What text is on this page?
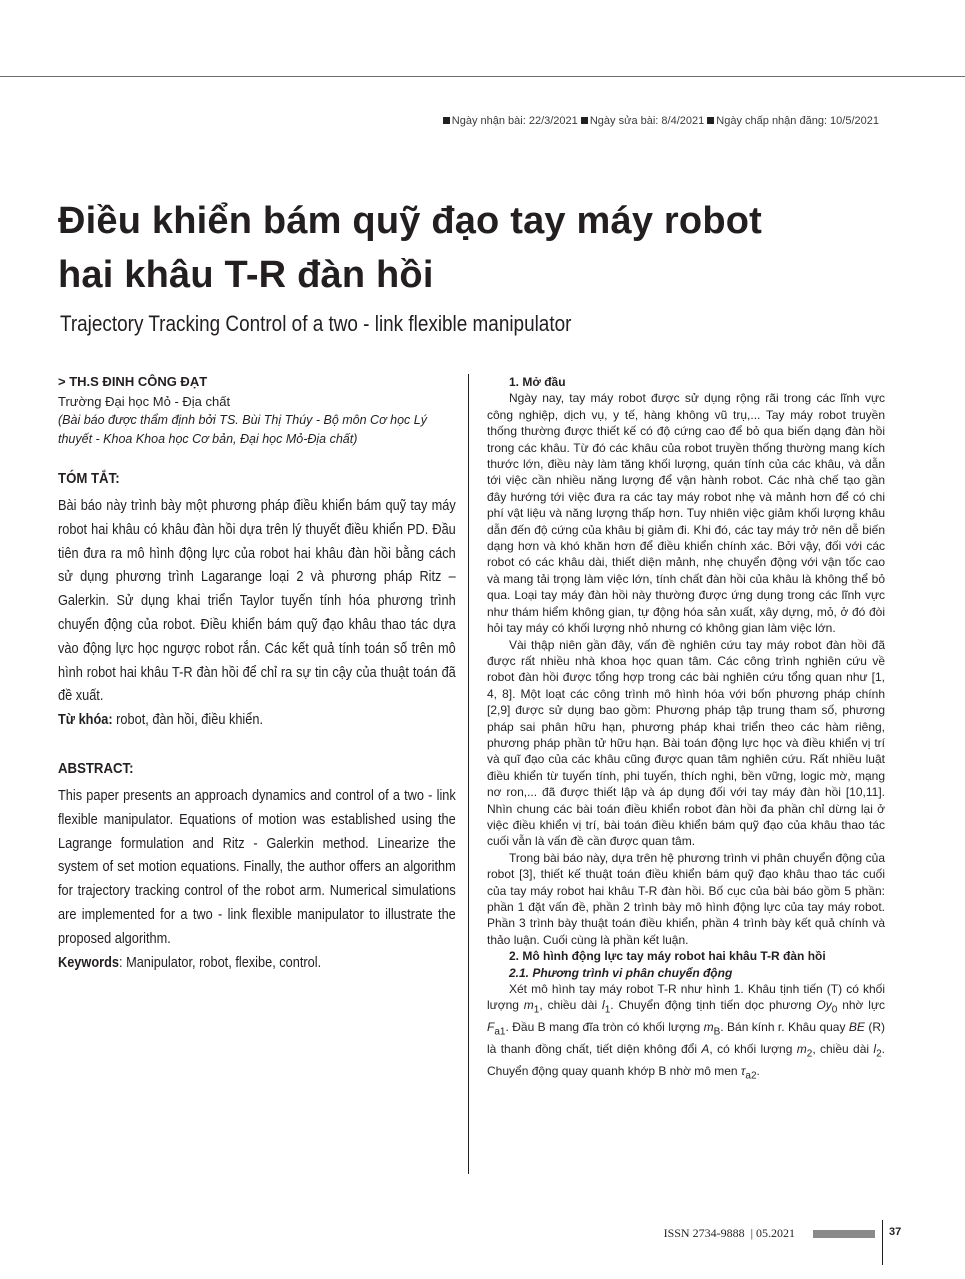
Ngày nhận bài: 22/3/2021 Ngày sửa bài: 8/4/2021 Ngày chấp nhận đăng: 10/5/2021
Điều khiển bám quỹ đạo tay máy robot
hai khâu T-R đàn hồi

Trajectory Tracking Control of a two - link flexible manipulator

> TH.S ĐINH CÔNG ĐẠT

Trường Đại học Mỏ - Địa chất

(Bài báo được thẩm định bởi TS. Bùi Thị Thúy - Bộ môn Cơ học Lý thuyết - Khoa Khoa học Cơ bản, Đại học Mỏ-Địa chất)

TÓM TẮT:

Bài báo này trình bày một phương pháp điều khiển bám quỹ tay máy robot hai khâu có khâu đàn hồi dựa trên lý thuyết điều khiển PD. Đầu tiên đưa ra mô hình động lực của robot hai khâu đàn hồi bằng cách sử dụng phương trình Lagarange loại 2 và phương pháp Ritz – Galerkin. Sử dụng khai triển Taylor tuyến tính hóa phương trình chuyển động của robot. Điều khiển bám quỹ đạo khâu thao tác dựa vào động lực học ngược robot rắn. Các kết quả tính toán số trên mô hình robot hai khâu T-R đàn hồi để chỉ ra sự tin cậy của thuật toán đã đề xuất.

Từ khóa: robot, đàn hồi, điều khiển.

ABSTRACT:

This paper presents an approach dynamics and control of a two - link flexible manipulator. Equations of motion was established using the Lagrange formulation and Ritz - Galerkin method. Linearize the system of set motion equations. Finally, the author offers an algorithm for trajectory tracking control of the robot arm. Numerical simulations are implemented for a two - link flexible manipulator to illustrate the proposed algorithm.

Keywords: Manipulator, robot, flexibe, control.

1. Mở đầu

Ngày nay, tay máy robot được sử dụng rộng rãi trong các lĩnh vực công nghiệp, dịch vụ, y tế, hàng không vũ trụ,... Tay máy robot truyền thống thường được thiết kế có độ cứng cao để bỏ qua biến dạng đàn hồi trong các khâu. Từ đó các khâu của robot truyền thống thường mang kích thước lớn, điều này làm tăng khối lượng, quán tính của các khâu, và dẫn tới việc cần nhiều năng lượng để vận hành robot. Các nhà chế tạo gần đây hướng tới việc đưa ra các tay máy robot nhẹ và mảnh hơn để có chi phí vật liệu và năng lượng thấp hơn. Tuy nhiên việc giảm khối lượng khâu dẫn đến độ cứng của khâu bị giảm đi. Khi đó, các tay máy trở nên dễ biến dạng hơn và khó khăn hơn để điều khiển chính xác. Bởi vậy, đối với các robot có các khâu dài, thiết diện mảnh, nhẹ chuyển động với vận tốc cao và mang tải trọng làm việc lớn, tính chất đàn hồi của khâu là không thể bỏ qua. Loại tay máy đàn hồi này thường được ứng dụng trong các lĩnh vực như thám hiểm không gian, tự động hóa sản xuất, xây dựng, mỏ, ở đó đòi hỏi tay máy có khối lượng nhỏ nhưng có không gian làm việc lớn.

Vài thập niên gần đây, vấn đề nghiên cứu tay máy robot đàn hồi đã được rất nhiều nhà khoa học quan tâm. Các công trình nghiên cứu về robot đàn hồi được tổng hợp trong các bài nghiên cứu tổng quan như [1, 4, 8]. Một loạt các công trình mô hình hóa với bốn phương pháp chính [2,9] được sử dụng bao gồm: Phương pháp tập trung tham số, phương pháp sai phân hữu hạn, phương pháp khai triển theo các hàm riêng, phương pháp phần tử hữu hạn. Bài toán động lực học và điều khiển vị trí và quĩ đạo của các khâu cũng được quan tâm nghiên cứu. Rất nhiều luật điều khiển từ tuyến tính, phi tuyến, thích nghi, bền vững, logic mờ, mạng nơ ron,... đã được thiết lập và áp dụng đối với tay máy đàn hồi [10,11]. Nhìn chung các bài toán điều khiển robot đàn hồi đa phần chỉ dừng lại ở việc điều khiển vị trí, bài toán điều khiển bám quỹ đạo của khâu thao tác cuối vẫn là vấn đề cần được quan tâm.

Trong bài báo này, dựa trên hệ phương trình vi phân chuyển động của robot [3], thiết kế thuật toán điều khiển bám quỹ đạo khâu thao tác cuối của tay máy robot hai khâu T-R đàn hồi. Bố cục của bài báo gồm 5 phần: phần 1 đặt vấn đề, phần 2 trình bày mô hình động lực của tay máy robot. Phần 3 trình bày thuật toán điều khiển, phần 4 trình bày kết quả chính và thảo luận. Cuối cùng là phần kết luận.

2. Mô hình động lực tay máy robot hai khâu T-R đàn hồi

2.1. Phương trình vi phân chuyển động

Xét mô hình tay máy robot T-R như hình 1. Khâu tịnh tiến (T) có khối lượng $m_1$, chiều dài $l_1$. Chuyển động tịnh tiến dọc phương $Oy_0$ nhờ lực $F_{a1}$. Đầu B mang đĩa tròn có khối lượng $m_B$. Bán kính r. Khâu quay BE (R) là thanh đồng chất, tiết diện không đổi A, có khối lượng $m_2$, chiều dài $l_2$. Chuyển động quay quanh khớp B nhờ mô men $\tau_{a2}$.

ISSN 2734-9888  | 05.2021	37
